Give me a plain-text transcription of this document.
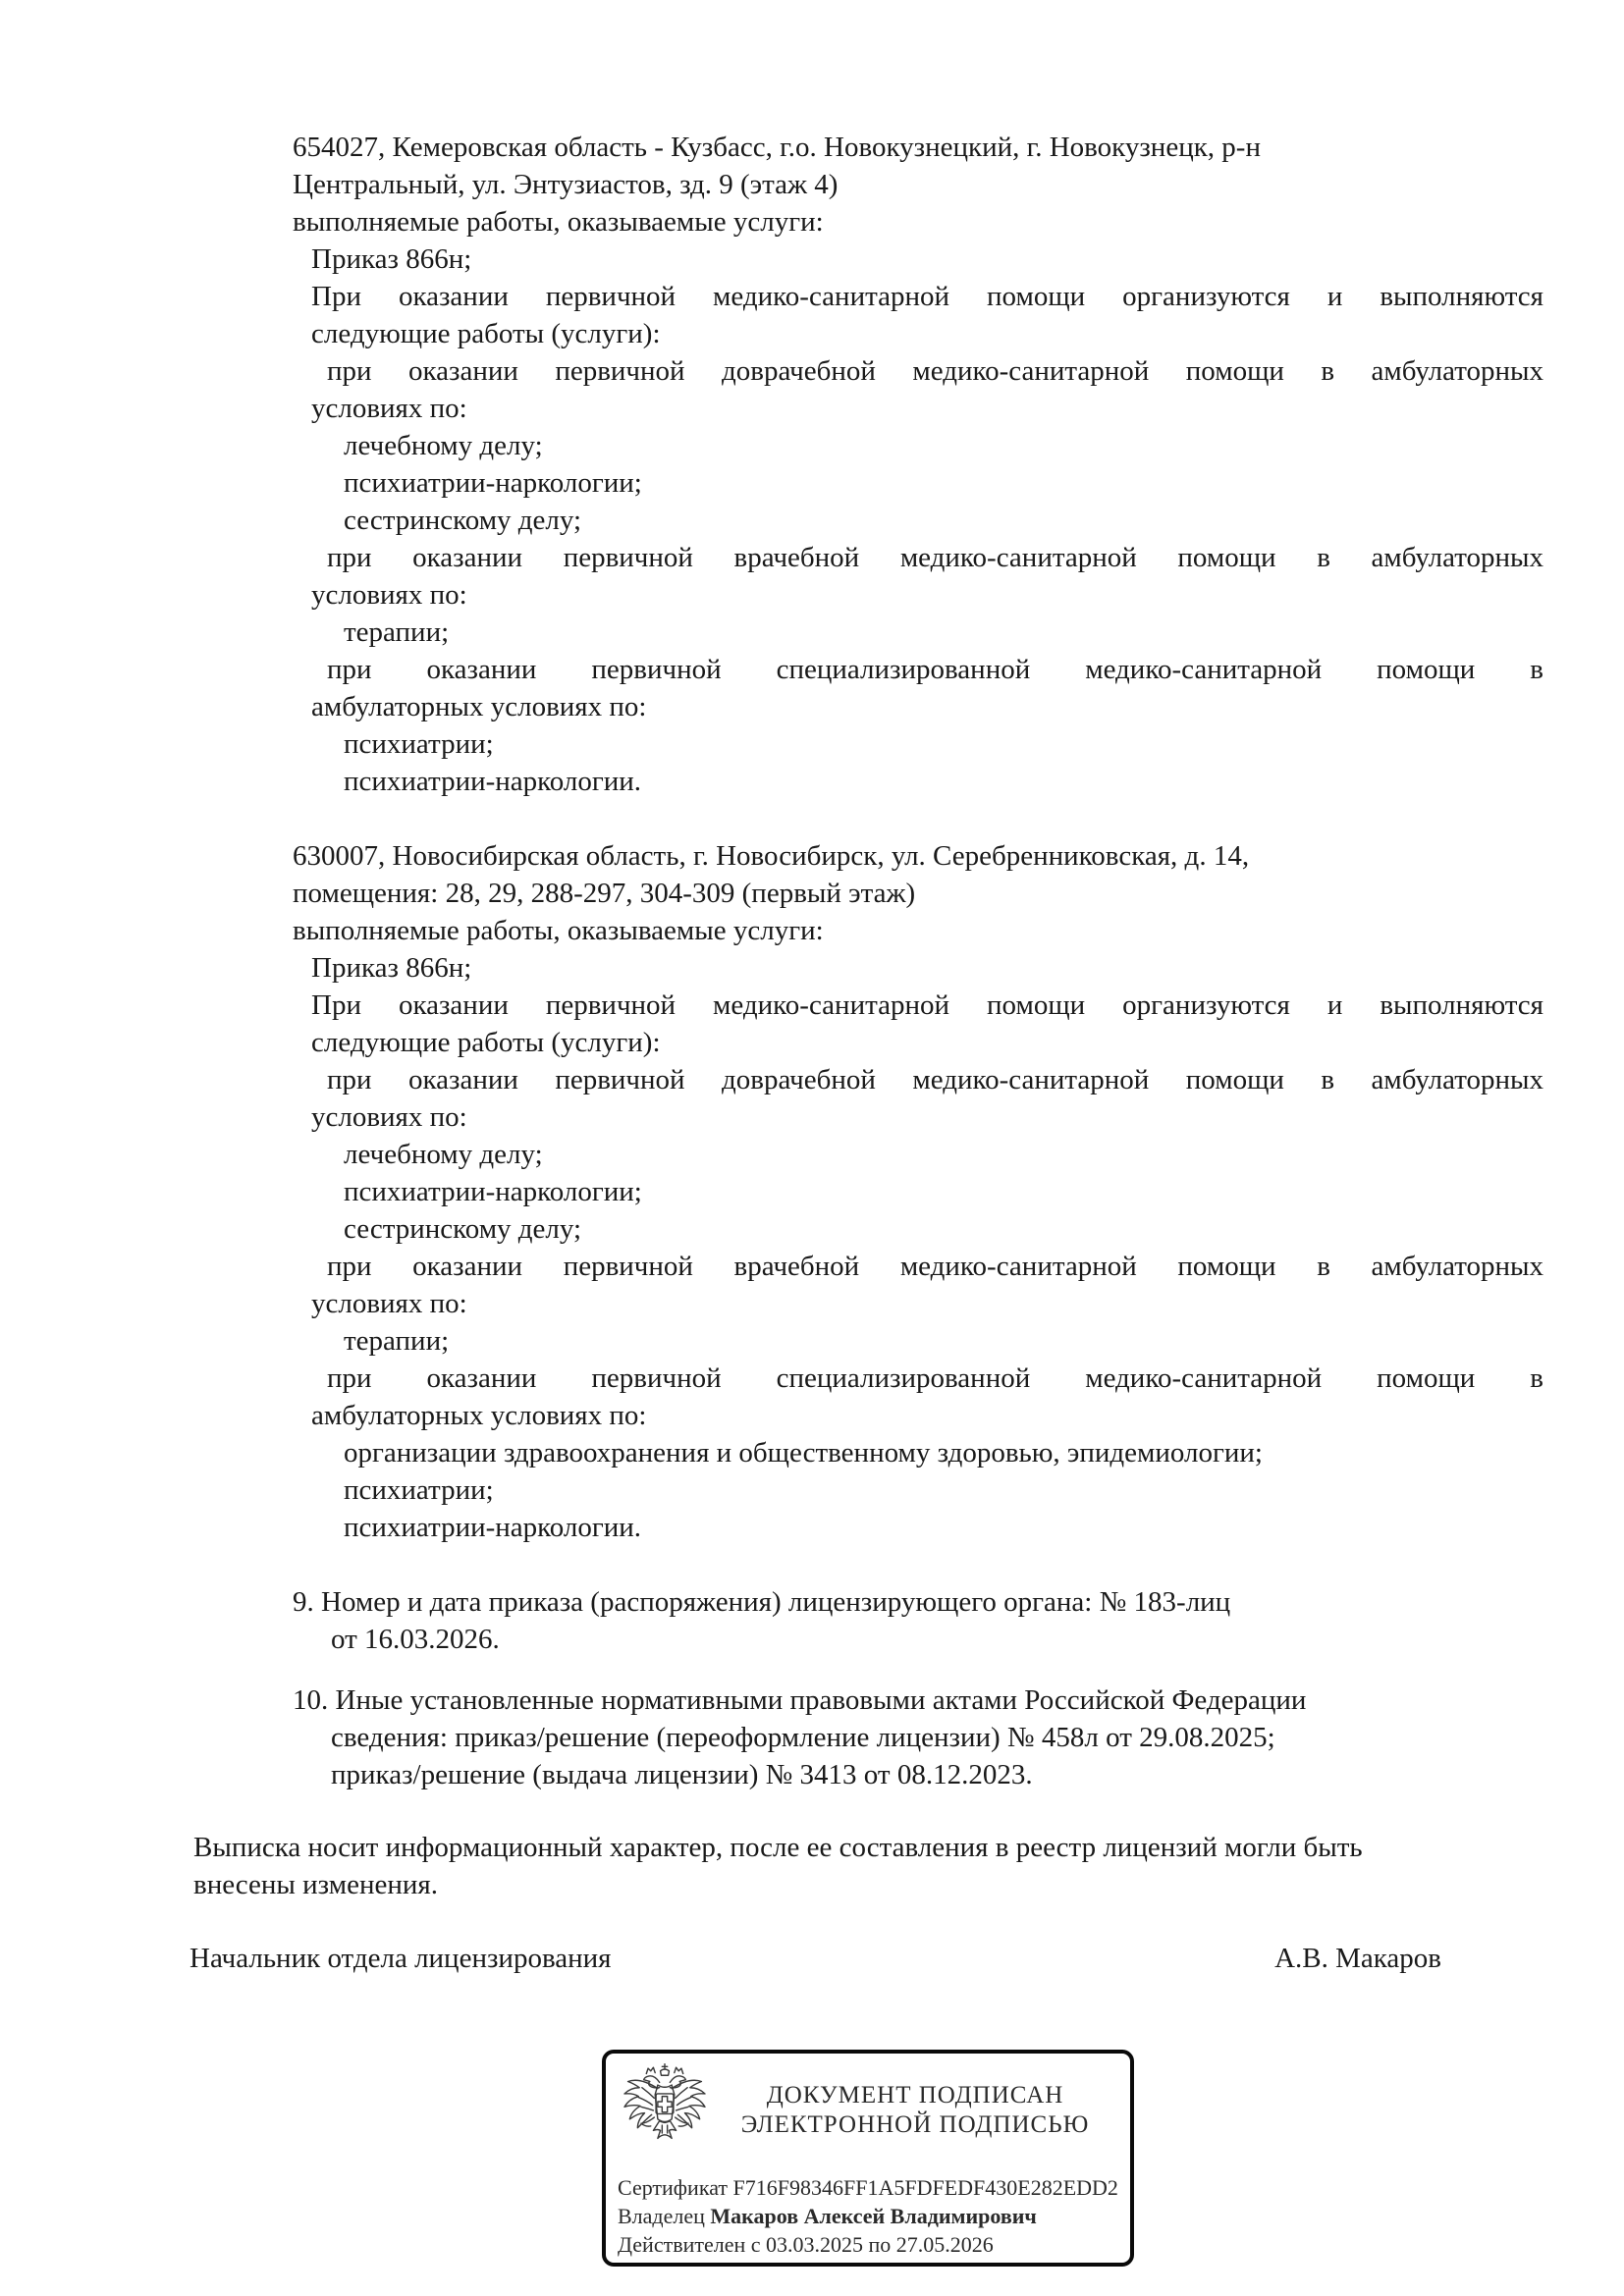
654027, Кемеровская область - Кузбасс, г.о. Новокузнецкий, г. Новокузнецк, р-н
Центральный, ул. Энтузиастов, зд. 9 (этаж 4)
выполняемые работы, оказываемые услуги:
Приказ 866н;
При оказании первичной медико-санитарной помощи организуются и выполняются
следующие работы (услуги):
при оказании первичной доврачебной медико-санитарной помощи в амбулаторных
условиях по:
лечебному делу;
психиатрии-наркологии;
сестринскому делу;
при оказании первичной врачебной медико-санитарной помощи в амбулаторных
условиях по:
терапии;
при оказании первичной специализированной медико-санитарной помощи в
амбулаторных условиях по:
психиатрии;
психиатрии-наркологии.
630007, Новосибирская область, г. Новосибирск, ул. Серебренниковская, д. 14,
помещения: 28, 29, 288-297, 304-309 (первый этаж)
выполняемые работы, оказываемые услуги:
Приказ 866н;
При оказании первичной медико-санитарной помощи организуются и выполняются
следующие работы (услуги):
при оказании первичной доврачебной медико-санитарной помощи в амбулаторных
условиях по:
лечебному делу;
психиатрии-наркологии;
сестринскому делу;
при оказании первичной врачебной медико-санитарной помощи в амбулаторных
условиях по:
терапии;
при оказании первичной специализированной медико-санитарной помощи в
амбулаторных условиях по:
организации здравоохранения и общественному здоровью, эпидемиологии;
психиатрии;
психиатрии-наркологии.
9. Номер и дата приказа (распоряжения) лицензирующего органа: № 183-лиц
от 16.03.2026.
10. Иные установленные нормативными правовыми актами Российской Федерации
сведения: приказ/решение (переоформление лицензии) № 458л от 29.08.2025;
приказ/решение (выдача лицензии) № 3413 от 08.12.2023.
Выписка носит информационный характер, после ее составления в реестр лицензий могли быть
внесены изменения.
Начальник отдела лицензирования	А.В. Макаров
ДОКУМЕНТ ПОДПИСАН
ЭЛЕКТРОННОЙ ПОДПИСЬЮ
Сертификат F716F98346FF1A5FDFEDF430E282EDD2
Владелец Макаров Алексей Владимирович
Действителен с 03.03.2025 по 27.05.2026
